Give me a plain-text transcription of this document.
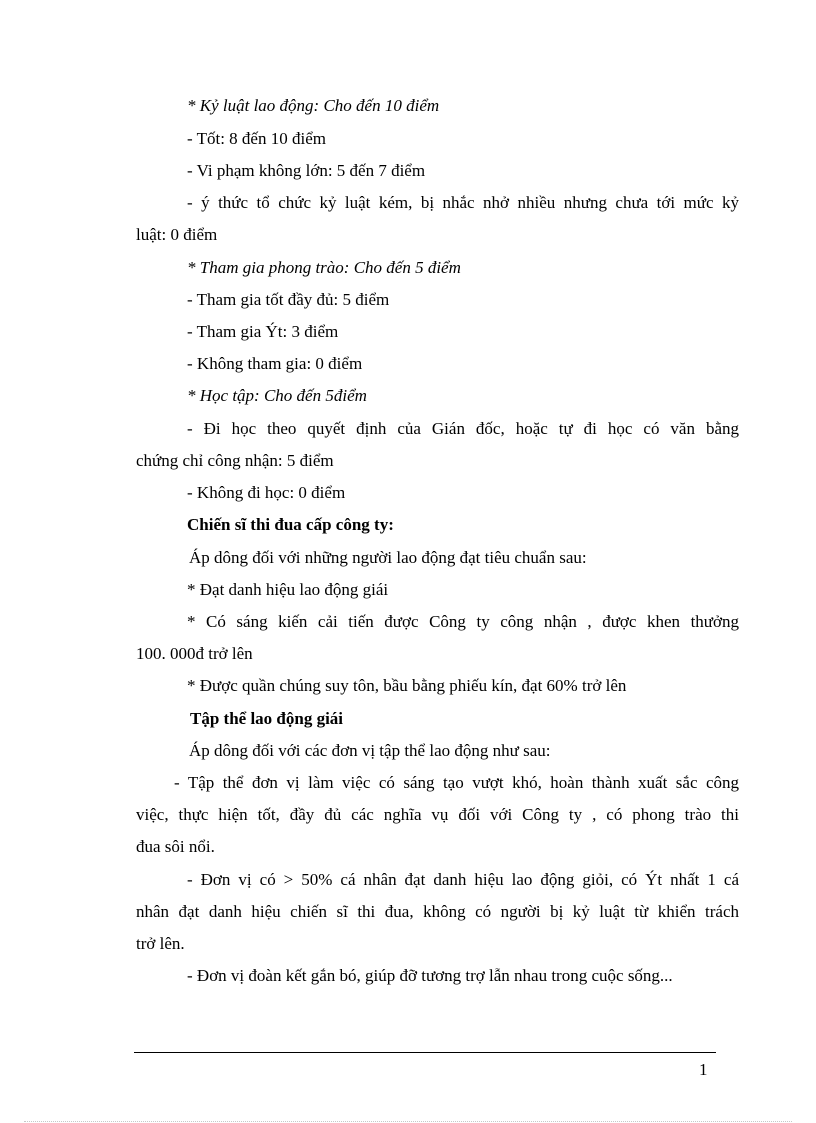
* Kỷ luật lao động: Cho đến 10 điểm
- Tốt: 8 đến 10 điểm
- Vi phạm không lớn: 5 đến 7 điểm
- ý thức tổ chức kỷ luật kém, bị nhắc nhở nhiều nhưng chưa tới mức kỷ
luật: 0 điểm
* Tham gia phong trào: Cho đến 5 điểm
- Tham gia tốt đầy đủ: 5 điểm
- Tham gia Ýt: 3 điểm
- Không tham gia: 0 điểm
* Học tập: Cho đến 5điểm
- Đi học theo quyết định của Gián đốc, hoặc tự đi học có văn bằng
chứng chỉ công nhận: 5 điểm
- Không đi học: 0 điểm
Chiến sĩ thi đua cấp công ty:
Áp dông đối với những người lao động đạt tiêu chuẩn sau:
* Đạt danh hiệu lao động giái
* Có sáng kiến cải tiến được Công ty công nhận , được khen thưởng
100. 000đ trở lên
* Được quần chúng suy tôn, bầu bằng phiếu kín, đạt 60% trở lên
Tập thể lao động giái
Áp dông đối với các đơn vị tập thể lao động như sau:
- Tập thể đơn vị làm việc có sáng tạo vượt khó, hoàn thành xuất sắc công
việc, thực hiện tốt, đầy đủ các nghĩa vụ đối với Công ty , có phong trào thi
đua sôi nổi.
- Đơn vị có > 50% cá nhân đạt danh hiệu lao động giỏi, có Ýt nhất 1 cá
nhân đạt danh hiệu chiến sĩ thi đua, không có người bị kỷ luật từ khiển trách
trở lên.
- Đơn vị đoàn kết gắn bó, giúp đỡ tương trợ lẫn nhau trong cuộc sống...
1
